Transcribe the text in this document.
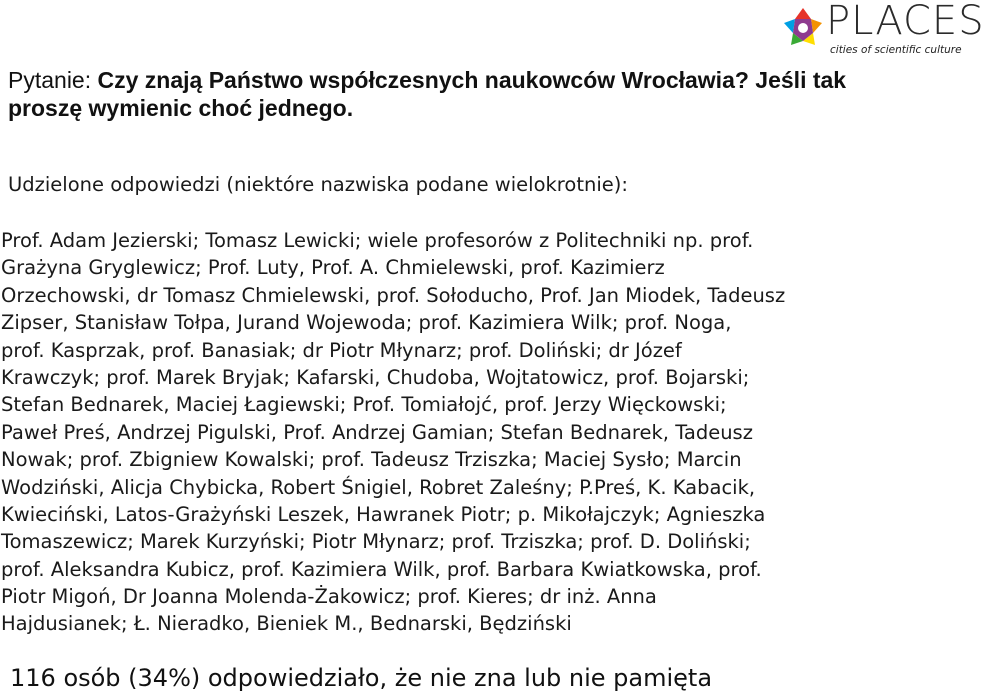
PLACES
cities of scientific culture
Pytanie: Czy znają Państwo współczesnych naukowców Wrocławia? Jeśli tak proszę wymienic choć jednego.
Udzielone odpowiedzi (niektóre nazwiska podane wielokrotnie):
Prof. Adam Jezierski; Tomasz Lewicki; wiele profesorów z Politechniki np. prof.
Grażyna Gryglewicz; Prof. Luty, Prof. A. Chmielewski, prof. Kazimierz
Orzechowski, dr Tomasz Chmielewski, prof. Sołoducho, Prof. Jan Miodek, Tadeusz
Zipser, Stanisław Tołpa, Jurand Wojewoda; prof. Kazimiera Wilk; prof. Noga,
prof. Kasprzak, prof. Banasiak; dr Piotr Młynarz; prof. Doliński; dr Józef
Krawczyk; prof. Marek Bryjak; Kafarski, Chudoba, Wojtatowicz, prof. Bojarski;
Stefan Bednarek, Maciej Łagiewski; Prof. Tomiałojć, prof. Jerzy Więckowski;
Paweł Preś, Andrzej Pigulski, Prof. Andrzej Gamian; Stefan Bednarek, Tadeusz
Nowak; prof. Zbigniew Kowalski; prof. Tadeusz Trziszka; Maciej Sysło; Marcin
Wodziński, Alicja Chybicka, Robert Śnigiel, Robret Zaleśny; P.Preś, K. Kabacik,
Kwieciński, Latos-Grażyński Leszek, Hawranek Piotr; p. Mikołajczyk; Agnieszka
Tomaszewicz; Marek Kurzyński; Piotr Młynarz; prof. Trziszka; prof. D. Doliński;
prof. Aleksandra Kubicz, prof. Kazimiera Wilk, prof. Barbara Kwiatkowska, prof.
Piotr Migoń, Dr Joanna Molenda-Żakowicz; prof. Kieres; dr inż. Anna
Hajdusianek; Ł. Nieradko, Bieniek M., Bednarski, Będziński
116 osób (34%) odpowiedziało, że nie zna lub nie pamięta
